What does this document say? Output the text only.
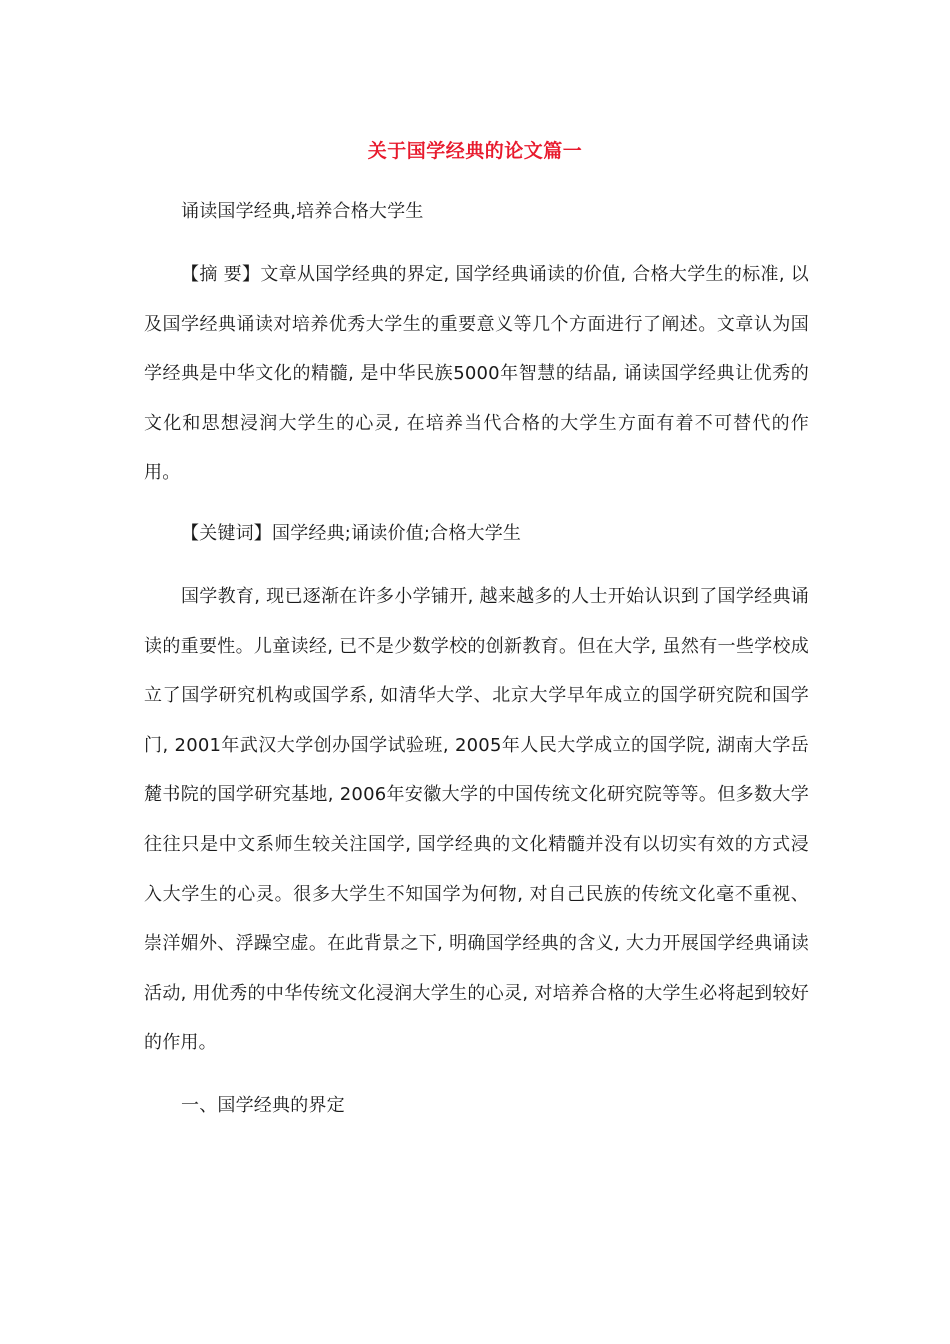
关于国学经典的论文篇一

诵读国学经典,培养合格大学生

【摘 要】文章从国学经典的界定, 国学经典诵读的价值, 合格大学生的标准, 以及国学经典诵读对培养优秀大学生的重要意义等几个方面进行了阐述。文章认为国学经典是中华文化的精髓, 是中华民族5000年智慧的结晶, 诵读国学经典让优秀的文化和思想浸润大学生的心灵, 在培养当代合格的大学生方面有着不可替代的作用。

【关键词】国学经典;诵读价值;合格大学生

国学教育, 现已逐渐在许多小学铺开, 越来越多的人士开始认识到了国学经典诵读的重要性。儿童读经, 已不是少数学校的创新教育。但在大学, 虽然有一些学校成立了国学研究机构或国学系, 如清华大学、北京大学早年成立的国学研究院和国学门, 2001年武汉大学创办国学试验班, 2005年人民大学成立的国学院, 湖南大学岳麓书院的国学研究基地, 2006年安徽大学的中国传统文化研究院等等。但多数大学往往只是中文系师生较关注国学, 国学经典的文化精髓并没有以切实有效的方式浸入大学生的心灵。很多大学生不知国学为何物, 对自己民族的传统文化毫不重视、崇洋媚外、浮躁空虚。在此背景之下, 明确国学经典的含义, 大力开展国学经典诵读活动, 用优秀的中华传统文化浸润大学生的心灵, 对培养合格的大学生必将起到较好的作用。

一、国学经典的界定
